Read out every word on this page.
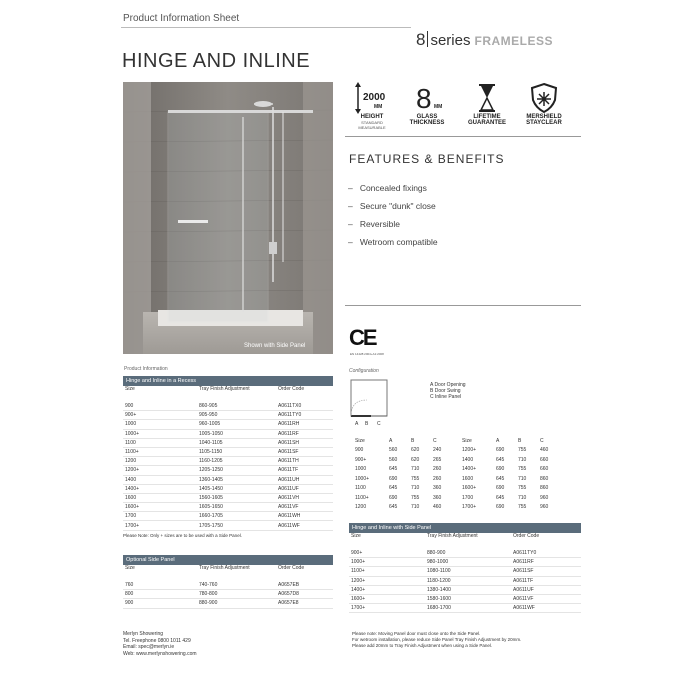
Product Information Sheet
8 series FRAMELESS
HINGE AND INLINE
Shown with Side Panel
2000
MM
HEIGHT
STANDARD MEASURABLE
8 MM
GLASS
THICKNESS
LIFETIME
GUARANTEE
MERSHIELD
STAYCLEAR
FEATURES & BENEFITS
–   Concealed fixings
–   Secure "dunk" close
–   Reversible
–   Wetroom compatible
CE
EN 14428:2004+A1:2008
Product Information
Hinge and Inline in a Recess
Size	Tray Finish Adjustment	Order Code
900	860-905	A0611TX0
900+	905-950	A0611TY0
1000	960-1005	A0611RH
1000+	1005-1050	A0611RF
1100	1040-1105	A0611SH
1100+	1105-1150	A0611SF
1200	1160-1205	A0611TH
1200+	1205-1250	A0611TF
1400	1360-1405	A0611UH
1400+	1405-1450	A0611UF
1600	1560-1605	A0611VH
1600+	1605-1650	A0611VF
1700	1660-1705	A0611WH
1700+	1705-1750	A0611WF
Please Note: Only + sizes are to be used with a Side Panel.
Optional Side Panel
Size	Tray Finish Adjustment	Order Code
760	740-760	A0657EB
800	780-800	A0657D8
900	880-900	A0657E8
Configuration
A B C
A Door Opening
B Door Swing
C Inline Panel
Size	A	B	C
900	560	620	240
900+	560	620	265
1000	645	710	260
1000+	690	755	260
1100	645	710	360
1100+	690	755	360
1200	645	710	460
Size	A	B	C
1200+	690	755	460
1400	645	710	660
1400+	690	755	660
1600	645	710	860
1600+	690	755	860
1700	645	710	960
1700+	690	755	960
Hinge and Inline with Side Panel
Size	Tray Finish Adjustment	Order Code
900+	880-900	A0611TY0
1000+	980-1000	A0611RF
1100+	1080-1100	A0611SF
1200+	1180-1200	A0611TF
1400+	1380-1400	A0611UF
1600+	1580-1600	A0611VF
1700+	1680-1700	A0611WF
Merlyn Showering
Tel. Freephone 0800 1011 429
Email: spec@merlyn.ie
Web: www.merlynshowering.com
Please note: Moving Panel door must close onto the Side Panel.
For wetroom installation, please reduce Side Panel Tray Finish Adjustment by 20mm.
Please add 20mm to Tray Finish Adjustment when using a Side Panel.
